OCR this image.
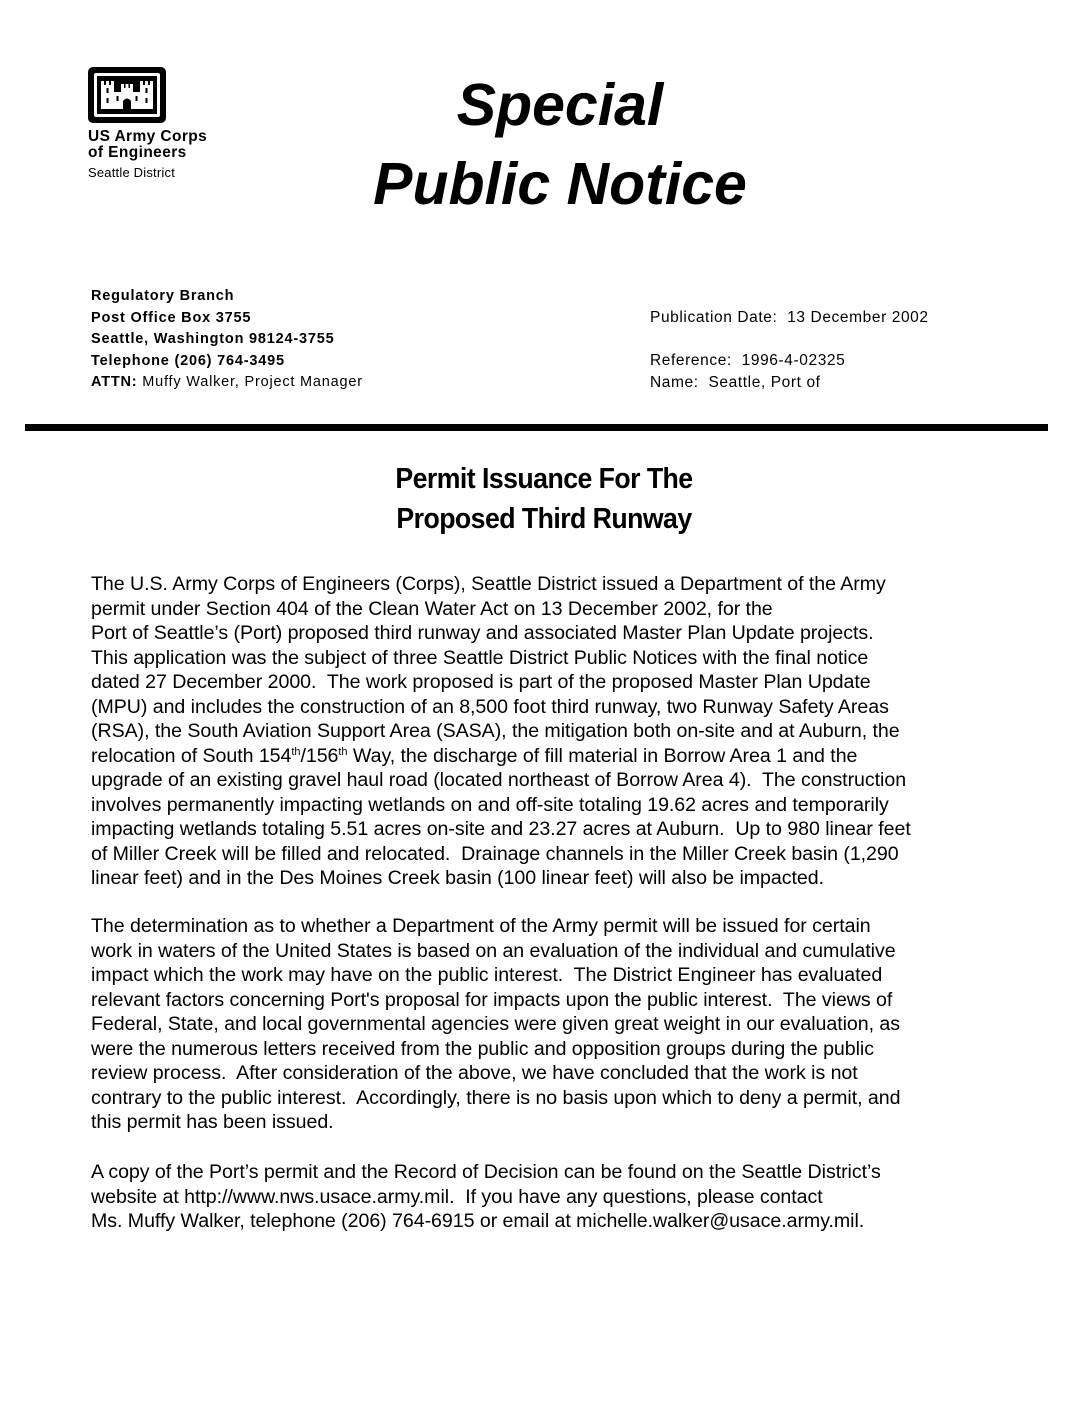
US Army Corps
of Engineers
Seattle District
Special
Public Notice
Regulatory Branch
Post Office Box 3755
Seattle, Washington 98124-3755
Telephone (206) 764-3495
ATTN: Muffy Walker, Project Manager
Publication Date:  13 December 2002
Reference:  1996-4-02325
Name:  Seattle, Port of
Permit Issuance For The
Proposed Third Runway
The U.S. Army Corps of Engineers (Corps), Seattle District issued a Department of the Army
permit under Section 404 of the Clean Water Act on 13 December 2002, for the
Port of Seattle’s (Port) proposed third runway and associated Master Plan Update projects.
This application was the subject of three Seattle District Public Notices with the final notice
dated 27 December 2000.  The work proposed is part of the proposed Master Plan Update
(MPU) and includes the construction of an 8,500 foot third runway, two Runway Safety Areas
(RSA), the South Aviation Support Area (SASA), the mitigation both on-site and at Auburn, the
relocation of South 154th/156th Way, the discharge of fill material in Borrow Area 1 and the
upgrade of an existing gravel haul road (located northeast of Borrow Area 4).  The construction
involves permanently impacting wetlands on and off-site totaling 19.62 acres and temporarily
impacting wetlands totaling 5.51 acres on-site and 23.27 acres at Auburn.  Up to 980 linear feet
of Miller Creek will be filled and relocated.  Drainage channels in the Miller Creek basin (1,290
linear feet) and in the Des Moines Creek basin (100 linear feet) will also be impacted.
The determination as to whether a Department of the Army permit will be issued for certain
work in waters of the United States is based on an evaluation of the individual and cumulative
impact which the work may have on the public interest.  The District Engineer has evaluated
relevant factors concerning Port's proposal for impacts upon the public interest.  The views of
Federal, State, and local governmental agencies were given great weight in our evaluation, as
were the numerous letters received from the public and opposition groups during the public
review process.  After consideration of the above, we have concluded that the work is not
contrary to the public interest.  Accordingly, there is no basis upon which to deny a permit, and
this permit has been issued.
A copy of the Port’s permit and the Record of Decision can be found on the Seattle District’s
website at http://www.nws.usace.army.mil.  If you have any questions, please contact
Ms. Muffy Walker, telephone (206) 764-6915 or email at michelle.walker@usace.army.mil.
